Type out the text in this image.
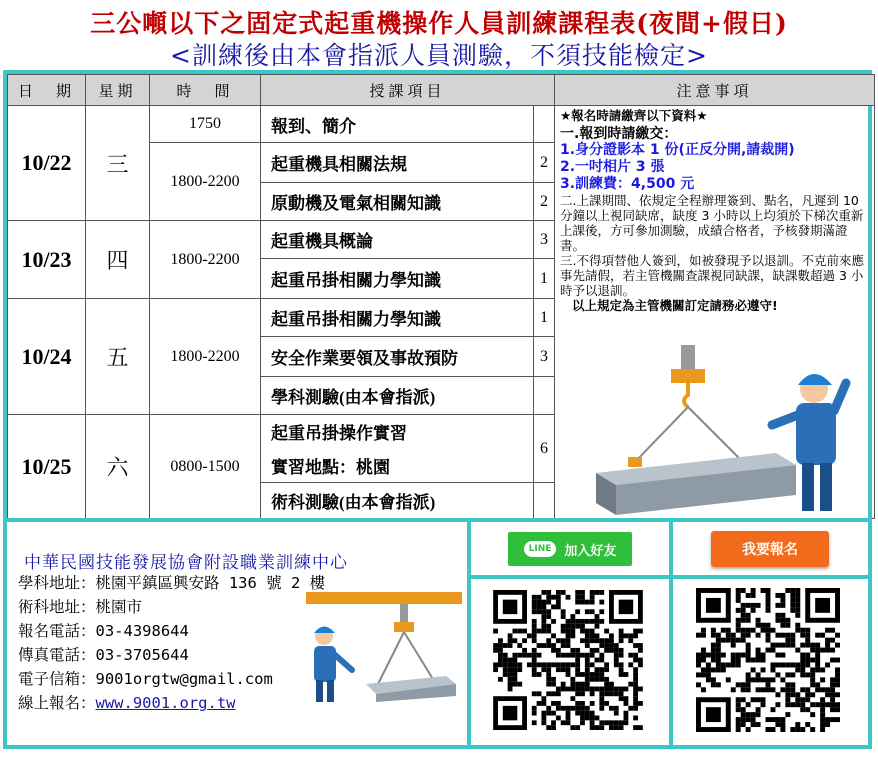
三公噸以下之固定式起重機操作人員訓練課程表(夜間+假日)
<訓練後由本會指派人員測驗，不須技能檢定>
日　期	星期	時　間	授課項目		注意事項
10/22	三	1750	報到、簡介		
		1800-2200	起重機具相關法規	2	
			原動機及電氣相關知識	2	
10/23	四	1800-2200	起重機具概論	3	
			起重吊掛相關力學知識	1	
10/24	五	1800-2200	起重吊掛相關力學知識	1	
			安全作業要領及事故預防	3	
			學科測驗(由本會指派)		
10/25	六	0800-1500	起重吊掛操作實習	6	
			實習地點：桃園		
			術科測驗(由本會指派)		
★報名時請繳齊以下資料★
一.報到時請繳交：
1.身分證影本 1 份(正反分開,請裁開)
2.一吋相片 3 張
3.訓練費：4,500 元
二.上課期間、依規定全程辦理簽到、點名，凡遲到 10 分鐘以上視同缺席，缺度 3 小時以上均須於下梯次重新上課後，方可參加測驗，成績合格者，予核發期滿證書。
三.不得項替他人簽到，如被發現予以退訓。不克前來應事先請假，若主管機關查課視同缺課，缺課數超過 3 小時予以退訓。
以上規定為主管機關訂定請務必遵守!
中華民國技能發展協會附設職業訓練中心
學科地址：桃園平鎮區興安路 136 號 2 樓
術科地址：桃園市
報名電話：03-4398644
傳真電話：03-3705644
電子信箱：9001orgtw@gmail.com
線上報名：www.9001.org.tw
LINE	加入好友	我要報名
